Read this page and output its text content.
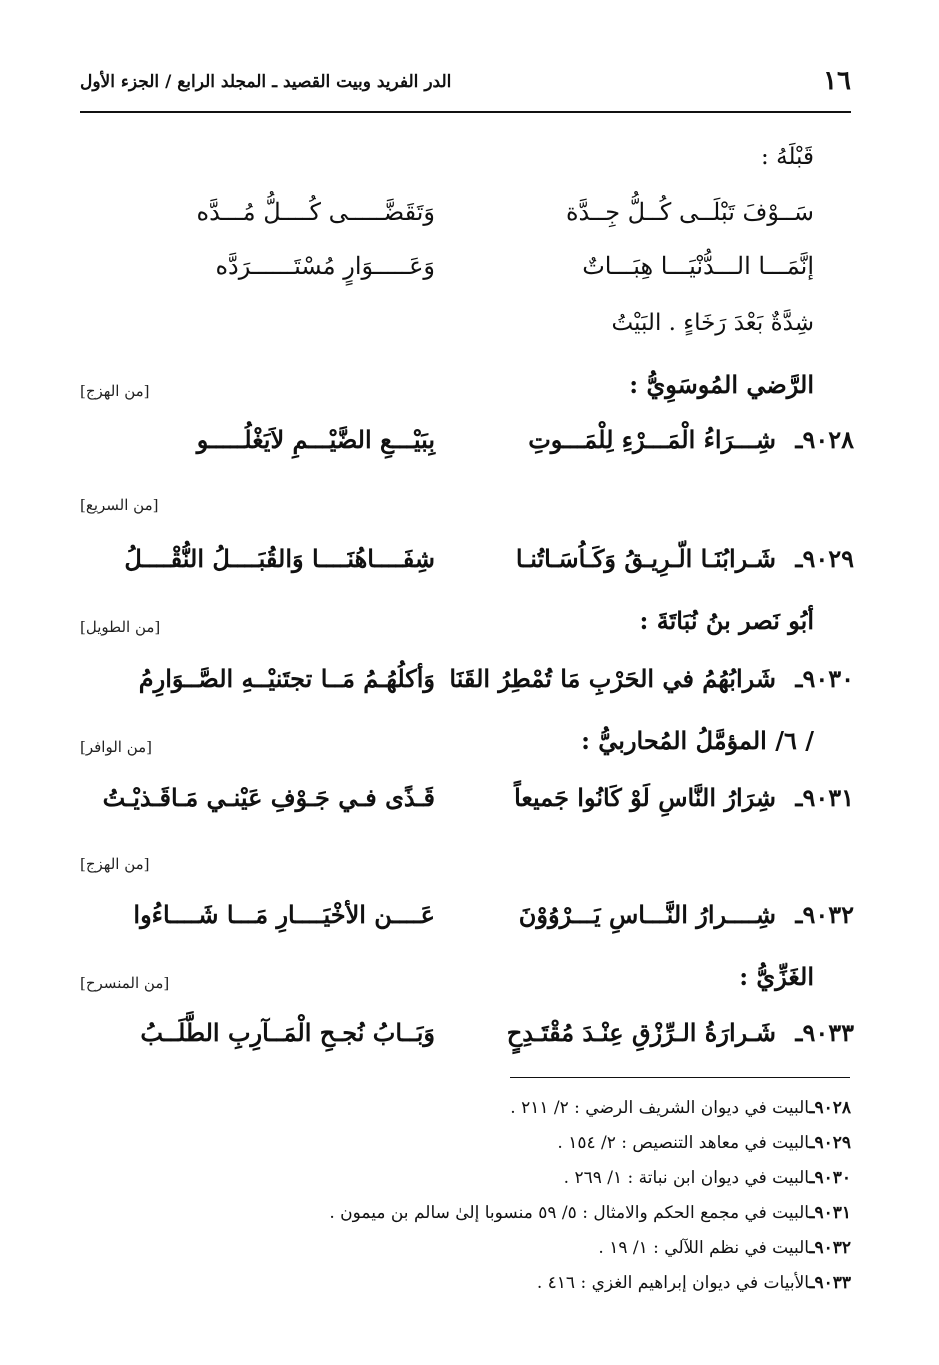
١٦
الدر الفريد وبيت القصيد ـ المجلد الرابع / الجزء الأول
قَبْلَهُ :
سَــوْفَ تَبْلَــى كُــلُّ جِــدَّة
وَتَقَضَّـــــى كُــــلُّ مُـــدَّه
إنَّمَـــا الـــدُّنْيَـــا هِبَـــاتٌ
وَعَـــــوَارٍ مُسْتَــــــرَدَّه
شِدَّةٌ بَعْدَ رَخَاءٍ . البَيْتُ
الرَّضي المُوسَوِيُّ :
[من الهزج]
٩٠٢٨ـ
شِـــرَاءُ الْمَـــرْءِ لِلْمَـــوتِ
بِبَيْـــعِ الضَّيْـــمِ لاَيَغْلُـــــو
[من السريع]
٩٠٢٩ـ
شَـرابُنَـا الّـرِيـقُ وَكَـاُسَـاتُنـا
شِفَــــاهُنَــــا وَالقُبَــــلُ النُّقْــــلُ
أبُو نَصر بنُ نُبَاتَةَ :
[من الطويل]
٩٠٣٠ـ
شَرابُهُمُ في الحَرْبِ مَا تُمْطِرُ القَنَا
وَأكلُهُـمُ مَــا تجتَنيْــهِ الصَّــوَارِمُ
/ ٦/ المؤمَّلُ المُحاربيُّ :
[من الوافر]
٩٠٣١ـ
شِرَارُ النَّاسِ لَوْ كَانُوا جَميعاً
قَـذًى فـي جَـوْفِ عَيْنـي مَـاقَـذيْـتُ
[من الهزج]
٩٠٣٢ـ
شِــــرارُ النَّـــاسِ يَـــرْوُوْنَ
عَــــن الأخْيَــــارِ مَـــا شَــــاءُوا
الغَزِّيُّ :
[من المنسرح]
٩٠٣٣ـ
شَـرارَةُ الـرِّزْقِ عِنْـدَ مُقْتَـدِحٍ
وَبَــابُ نُجـحِ الْمَــآرِبِ الطَّلَــبُ
٩٠٢٨ـالبيت في ديوان الشريف الرضي : ٢/ ٢١١ .
٩٠٢٩ـالبيت في معاهد التنصيص : ٢/ ١٥٤ .
٩٠٣٠ـالبيت في ديوان ابن نباتة : ١/ ٢٦٩ .
٩٠٣١ـالبيت في مجمع الحكم والامثال : ٥/ ٥٩ منسوبا إلىٰ سالم بن ميمون .
٩٠٣٢ـالبيت في نظم اللآلي : ١/ ١٩ .
٩٠٣٣ـالأبيات في ديوان إبراهيم الغزي : ٤١٦ .
